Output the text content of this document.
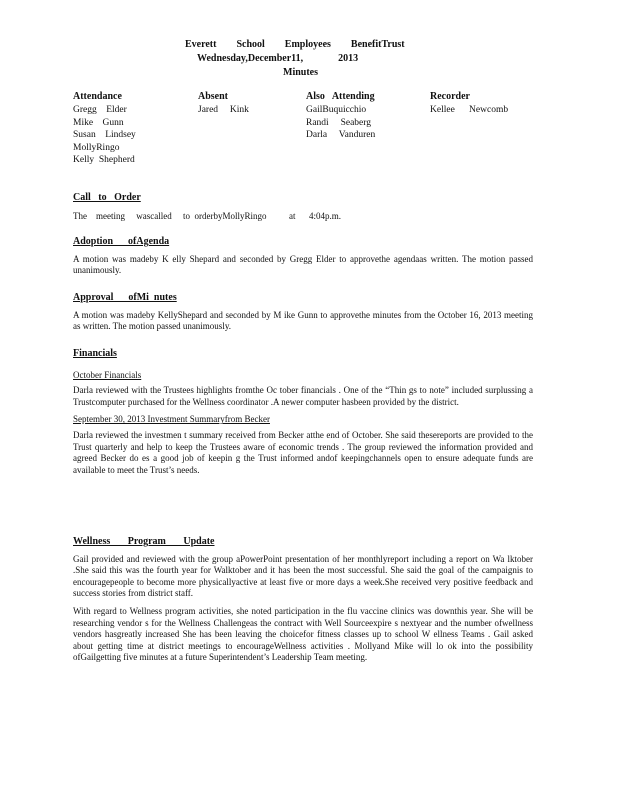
Everett        School        Employees        BenefitTrust
Wednesday,December11,              2013
Minutes
Attendance
Gregg    Elder
Mike    Gunn
Susan    Lindsey
MollyRingo
Kelly  Shepherd
Absent
Jared     Kink
Also   Attending
GailBuquicchio
Randi     Seaberg
Darla     Vanduren
Recorder
Kellee      Newcomb
Call   to   Order

The    meeting     wascalled     to  orderbyMollyRingo          at      4:04p.m.

Adoption      ofAgenda

A motion was madeby K elly Shepard and seconded by Gregg Elder to approvethe agendaas written. The motion passed unanimously.

Approval      ofMi  nutes

A motion was madeby KellyShepard and seconded by M ike Gunn to approvethe minutes from the October 16, 2013 meeting as written. The motion passed unanimously.

Financials
October Financials

Darla reviewed with the Trustees highlights fromthe Oc tober financials . One of the “Thin gs to note” included surplussing a Trustcomputer purchased for the Wellness coordinator .A newer computer hasbeen provided by the district.

September 30, 2013 Investment Summaryfrom Becker

Darla reviewed the investmen t summary received from Becker atthe end of October. She said thesereports are provided to the Trust quarterly and help to keep the Trustees aware of economic trends . The group reviewed the information provided and agreed Becker do es a good job of keepin g the Trust informed andof keepingchannels open to ensure adequate funds are available to meet the Trust’s needs.

Wellness       Program       Update

Gail provided and reviewed with the group aPowerPoint presentation of her monthlyreport including a report on Wa lktober .She said this was the fourth year for Walktober and it has been the most successful. She said the goal of the campaignis to encouragepeople to become more physicallyactive at least five or more days a week.She received very positive feedback and success stories from district staff.

With regard to Wellness program activities, she noted participation in the flu vaccine clinics was downthis year. She will be researching vendor s for the Wellness Challengeas the contract with Well Sourceexpire s nextyear and the number ofwellness vendors hasgreatly increased She has been leaving the choicefor fitness classes up to school W ellness Teams . Gail asked about getting time at district meetings to encourageWellness activities . Mollyand Mike will lo ok into the possibility ofGailgetting five minutes at a future Superintendent’s Leadership Team meeting.
